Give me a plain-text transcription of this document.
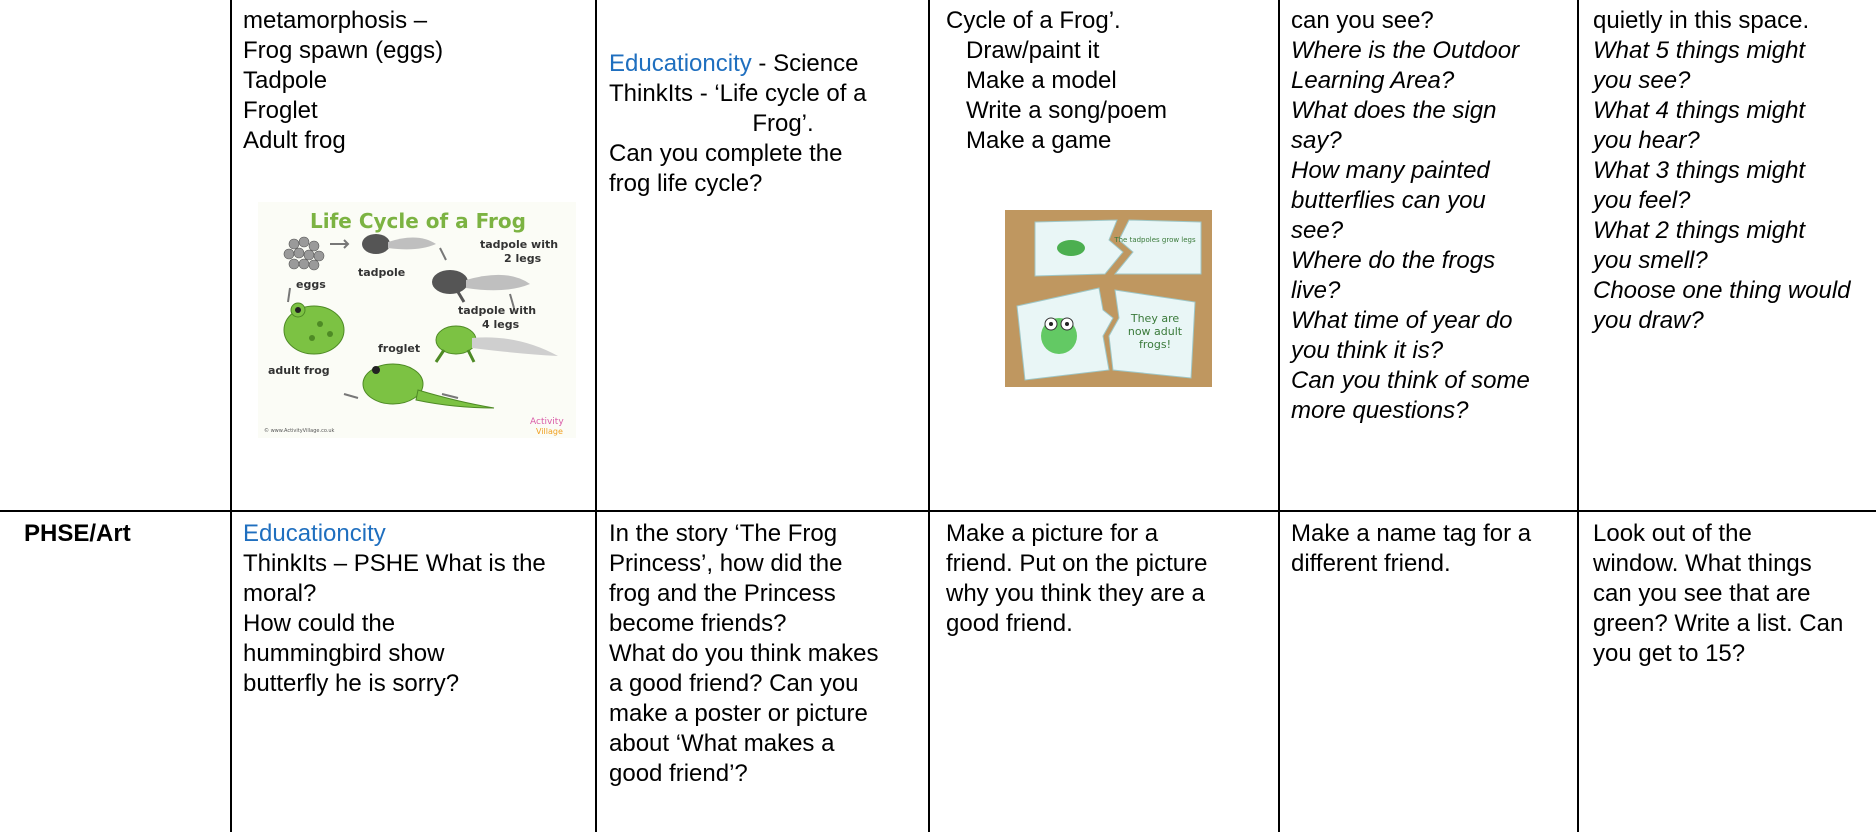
metamorphosis –
Frog spawn (eggs)
Tadpole
Froglet
Adult frog
Life Cycle of a Frog
eggs
tadpole
tadpole with
2 legs
tadpole with
4 legs
froglet
adult frog
© www.ActivityVillage.co.uk
Activity
Village
Educationcity - Science
ThinkIts - ‘Life cycle of a
Frog’.
Can you complete the
frog life cycle?
Cycle of a Frog’.
Draw/paint it
Make a model
Write a song/poem
Make a game
The tadpoles grow legs
They are
now adult
frogs!
can you see?
Where is the Outdoor
Learning Area?
What does the sign
say?
How many painted
butterflies can you
see?
Where do the frogs
live?
What time of year do
you think it is?
Can you think of some
more questions?
quietly in this space.
What 5 things might
you see?
What 4 things might
you hear?
What 3 things might
you feel?
What 2 things might
you smell?
Choose one thing would
you draw?
PHSE/Art	Educationcity
ThinkIts – PSHE What is the
moral?
How could the
hummingbird show
butterfly he is sorry?
In the story ‘The Frog
Princess’, how did the
frog and the Princess
become friends?
What do you think makes
a good friend? Can you
make a poster or picture
about ‘What makes a
good friend’?
Make a picture for a
friend. Put on the picture
why you think they are a
good friend.
Make a name tag for a
different friend.
Look out of the
window. What things
can you see that are
green? Write a list. Can
you get to 15?
